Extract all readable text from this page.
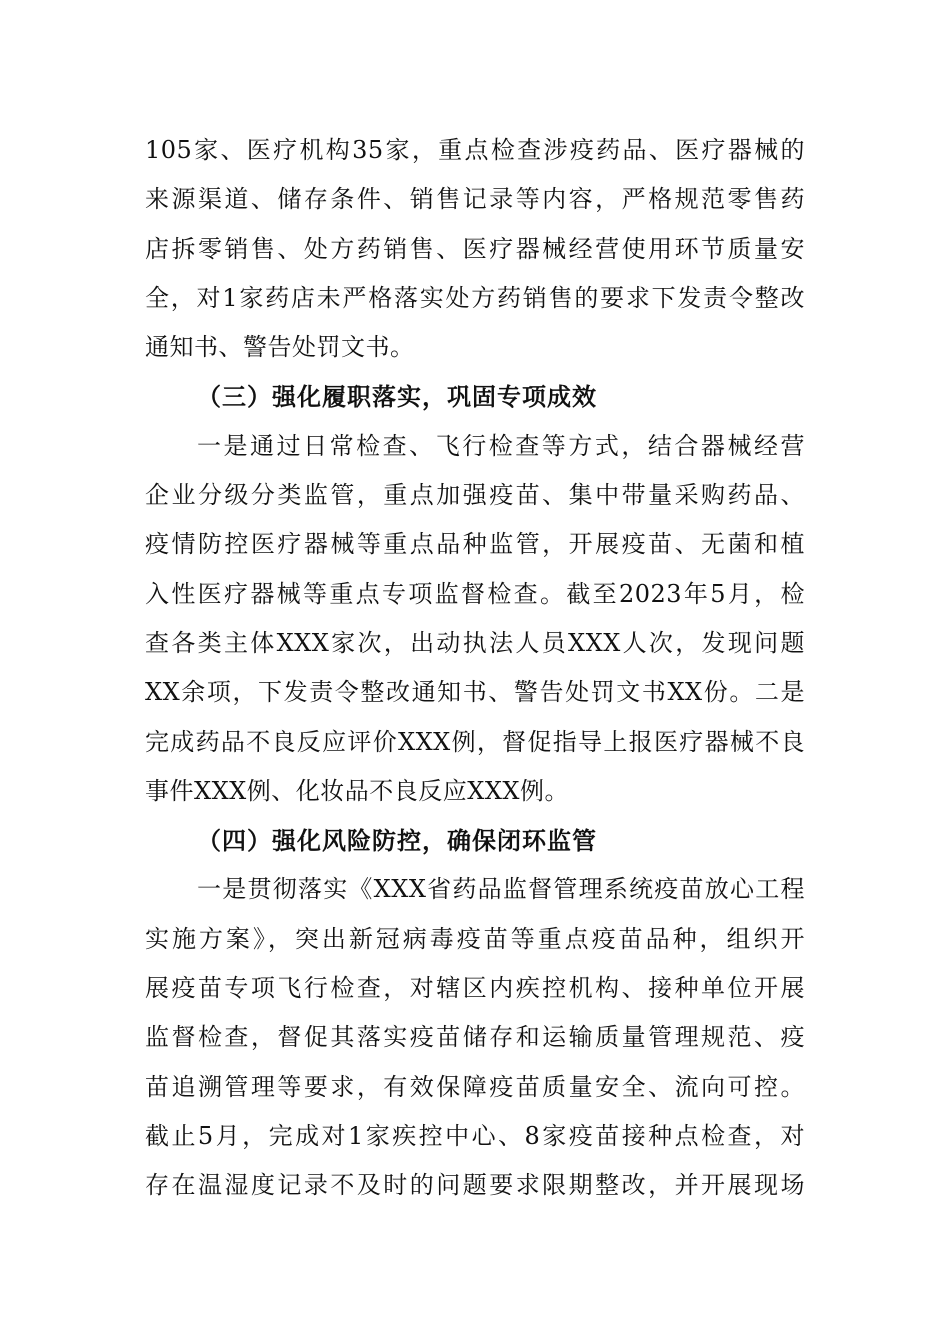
105家、医疗机构35家，重点检查涉疫药品、医疗器械的
来源渠道、储存条件、销售记录等内容，严格规范零售药
店拆零销售、处方药销售、医疗器械经营使用环节质量安
全，对1家药店未严格落实处方药销售的要求下发责令整改
通知书、警告处罚文书。
（三）强化履职落实，巩固专项成效
一是通过日常检查、飞行检查等方式，结合器械经营
企业分级分类监管，重点加强疫苗、集中带量采购药品、
疫情防控医疗器械等重点品种监管，开展疫苗、无菌和植
入性医疗器械等重点专项监督检查。截至2023年5月，检
查各类主体XXX家次，出动执法人员XXX人次，发现问题
XX余项，下发责令整改通知书、警告处罚文书XX份。二是
完成药品不良反应评价XXX例，督促指导上报医疗器械不良
事件XXX例、化妆品不良反应XXX例。
（四）强化风险防控，确保闭环监管
一是贯彻落实《XXX省药品监督管理系统疫苗放心工程
实施方案》，突出新冠病毒疫苗等重点疫苗品种，组织开
展疫苗专项飞行检查，对辖区内疾控机构、接种单位开展
监督检查，督促其落实疫苗储存和运输质量管理规范、疫
苗追溯管理等要求，有效保障疫苗质量安全、流向可控。
截止5月，完成对1家疾控中心、8家疫苗接种点检查，对
存在温湿度记录不及时的问题要求限期整改，并开展现场
